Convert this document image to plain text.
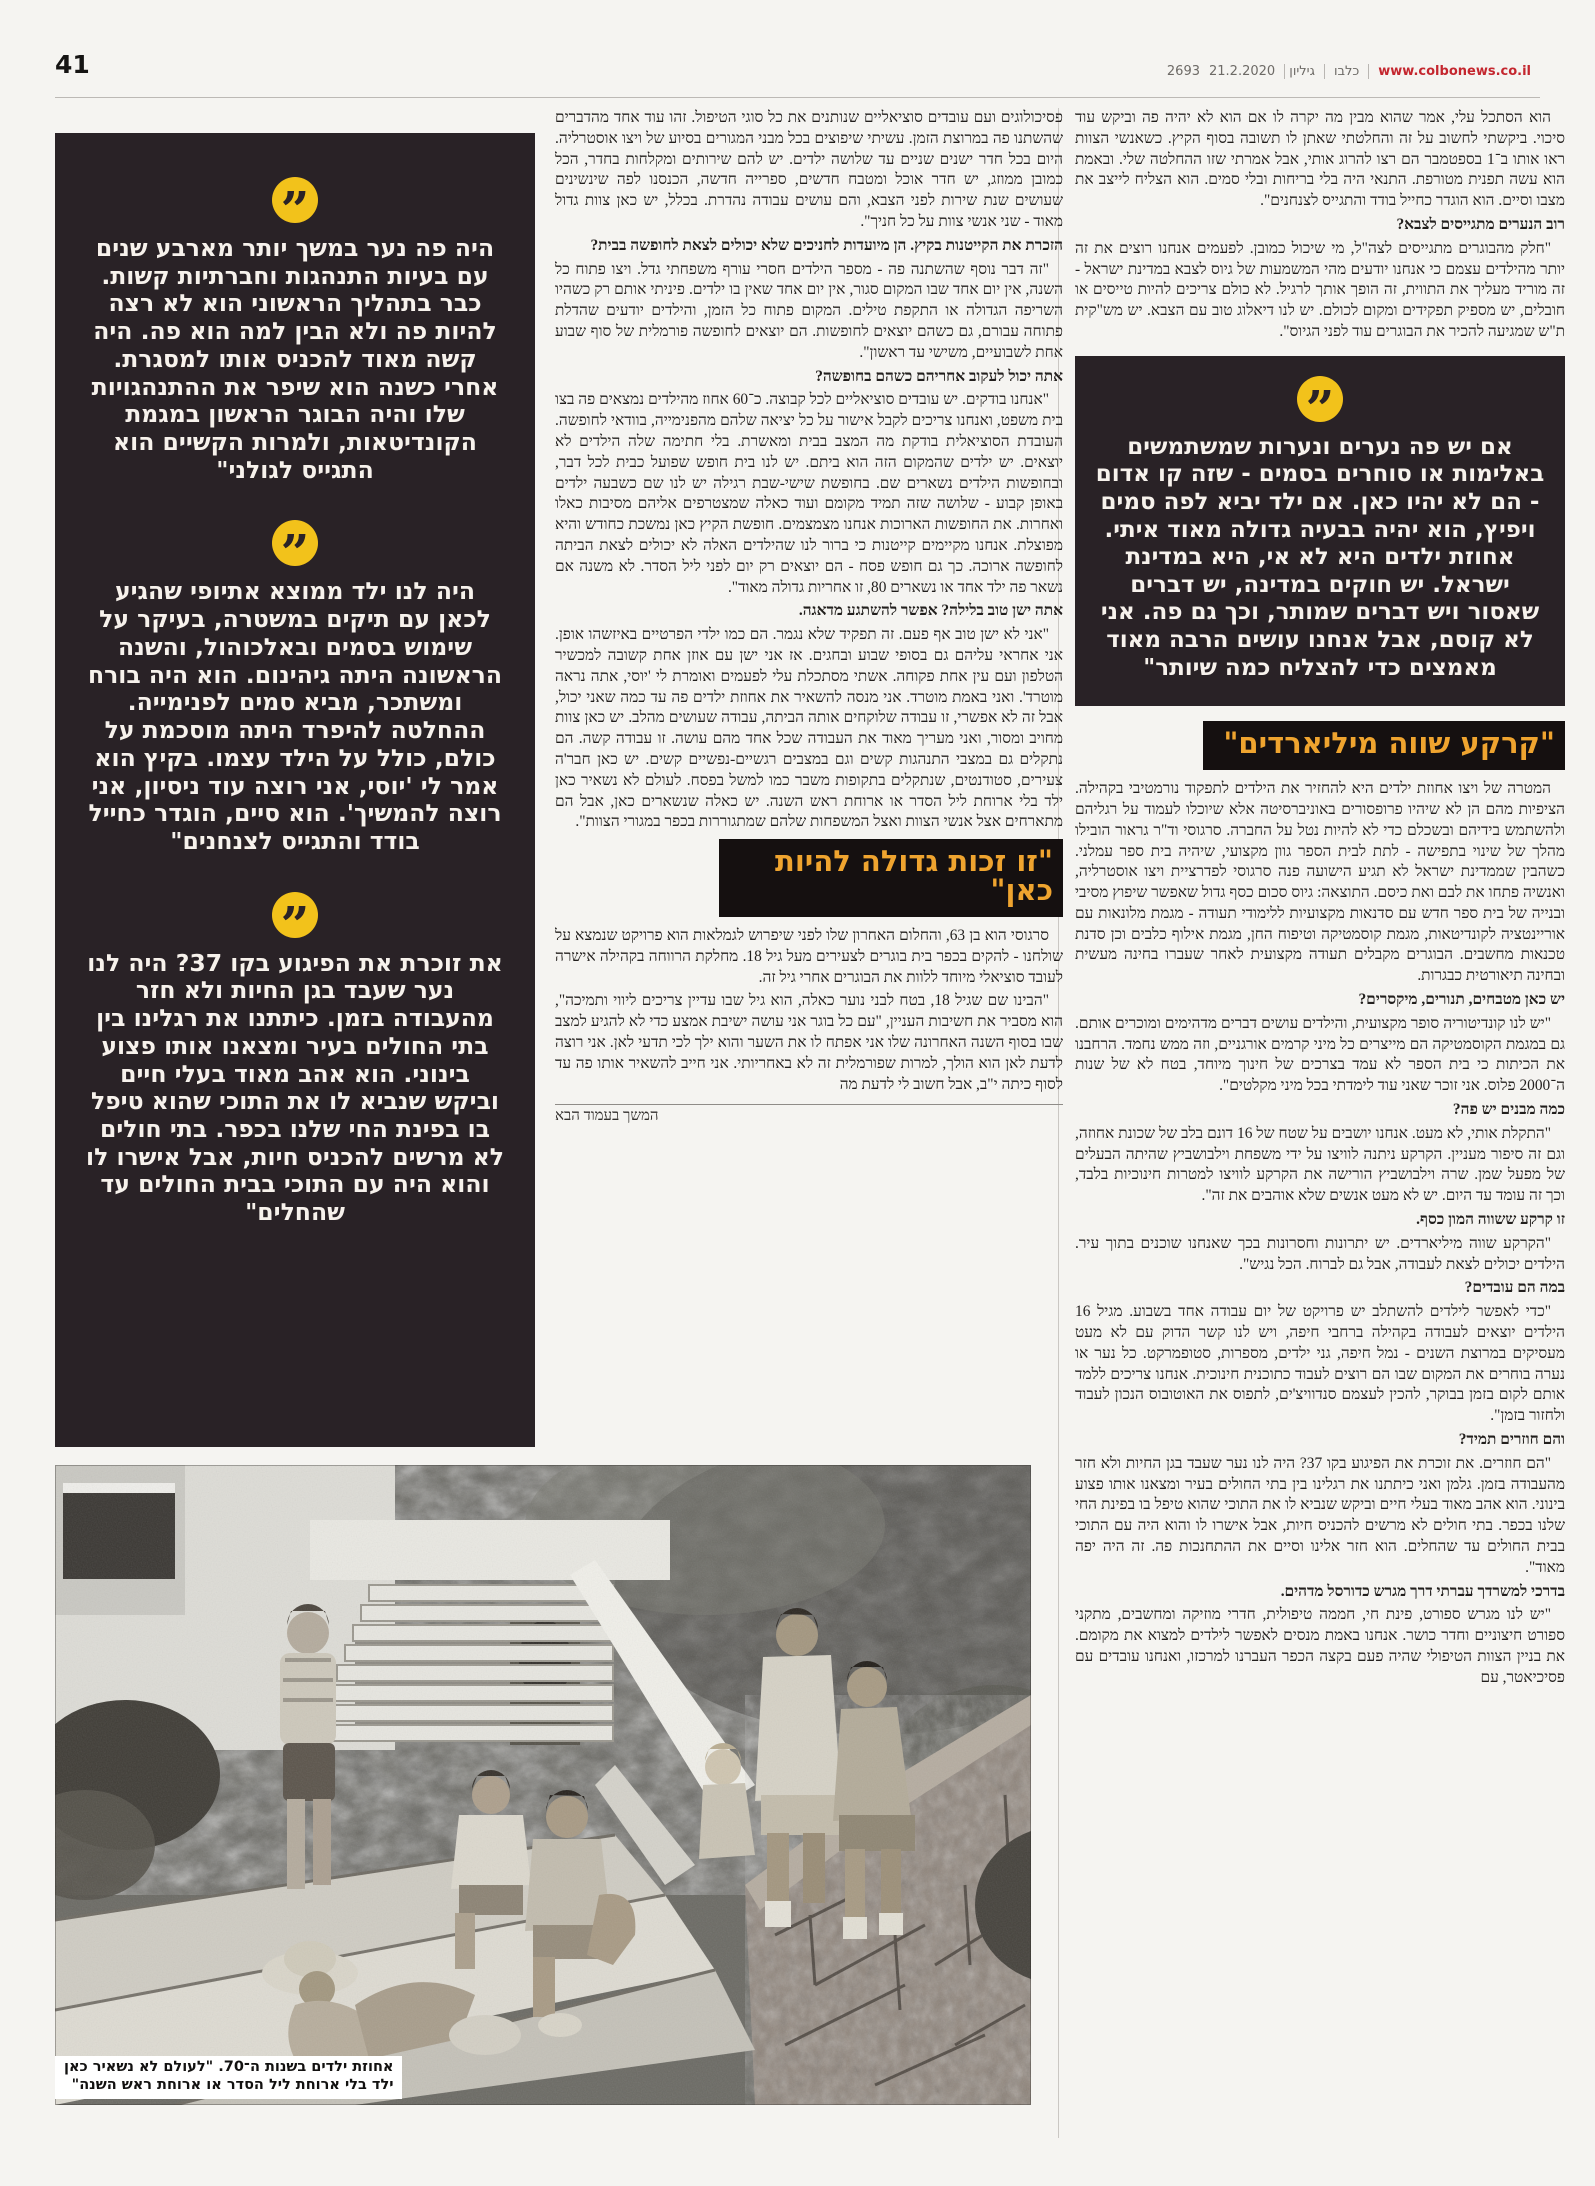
41	www.colbonews.co.ilכלבוגיליון 269321.2.2020

הוא הסתכל עלי, אמר שהוא מבין מה יקרה לו אם הוא לא יהיה פה וביקש עוד סיכוי. ביקשתי לחשוב על זה והחלטתי שאתן לו תשובה בסוף הקיץ. כשאנשי הצוות ראו אותו ב־1 בספטמבר הם רצו להרוג אותי, אבל אמרתי שזו ההחלטה שלי. ובאמת הוא עשה תפנית מטורפת. התנאי היה בלי בריחות ובלי סמים. הוא הצליח לייצב את מצבו וסיים. הוא הוגדר כחייל בודד והתגייס לצנחנים".

רוב הנערים מתגייסים לצבא?

"חלק מהבוגרים מתגייסים לצה"ל, מי שיכול כמובן. לפעמים אנחנו רוצים את זה יותר מהילדים עצמם כי אנחנו יודעים מהי המשמעות של גיוס לצבא במדינת ישראל - זה מוריד מעליך את התווית, זה הופך אותך לרגיל. לא כולם צריכים להיות טייסים או חובלים, יש מספיק תפקידים ומקום לכולם. יש לנו דיאלוג טוב עם הצבא. יש מש"קית ת"ש שמגיעה להכיר את הבוגרים עוד לפני הגיוס".

”
אם יש פה נערים ונערות שמשתמשים באלימות או סוחרים בסמים - שזה קו אדום - הם לא יהיו כאן. אם ילד יביא לפה סמים ויפיץ, הוא יהיה בבעיה גדולה מאוד איתי. אחוזת ילדים היא לא אי, היא במדינת ישראל. יש חוקים במדינה, יש דברים שאסור ויש דברים שמותר, וכך גם פה. אני לא קוסם, אבל אנחנו עושים הרבה מאוד מאמצים כדי להצליח כמה שיותר"
"קרקע שווה מיליארדים"

המטרה של ויצו אחוזת ילדים היא להחזיר את הילדים לתפקוד נורמטיבי בקהילה. הציפיות מהם הן לא שיהיו פרופסורים באוניברסיטה אלא שיוכלו לעמוד על רגליהם ולהשתמש בידיהם ובשכלם כדי לא להיות נטל על החברה. סרגוסי וד"ר גראור הובילו מהלך של שינוי בתפישה - לתת לבית הספר גוון מקצועי, שיהיה בית ספר עמלני. כשהבין שממדינת ישראל לא תגיע הישועה פנה סרגוסי לפדרציית ויצו אוסטרליה, ואנשיה פתחו את לבם ואת כיסם. התוצאה: גיוס סכום כסף גדול שאפשר שיפוץ מסיבי ובנייה של בית ספר חדש עם סדנאות מקצועיות ללימודי תעודה - מגמת מלונאות עם אוריינטציה לקונדיטאות, מגמת קוסמטיקה וטיפוח החן, מגמת אילוף כלבים וכן סדנת טכנאות מחשבים. הבוגרים מקבלים תעודה מקצועית לאחר שעברו בחינה מעשית ובחינה תיאורטית כבגרות.

יש כאן מטבחים, תנורים, מיקסרים?

"יש לנו קונדיטוריה סופר מקצועית, והילדים עושים דברים מדהימים ומוכרים אותם. גם במגמת הקוסמטיקה הם מייצרים כל מיני קרמים אורגניים, וזה ממש נחמד. הרחבנו את הכיתות כי בית הספר לא עמד בצרכים של חינוך מיוחד, בטח לא של שנות ה־2000 פלוס. אני זוכר שאני עוד לימדתי בכל מיני מקלטים".

כמה מבנים יש פה?

"התקלת אותי, לא מעט. אנחנו יושבים על שטח של 16 דונם בלב של שכונת אחוזה, וגם זה סיפור מעניין. הקרקע ניתנה לוויצו על ידי משפחת וילבושביץ שהיתה הבעלים של מפעל שמן. שרה וילבושביץ הורישה את הקרקע לוויצו למטרות חינוכיות בלבד, וכך זה עומד עד היום. יש לא מעט אנשים שלא אוהבים את זה".

זו קרקע ששווה המון כסף.

"הקרקע שווה מיליארדים. יש יתרונות וחסרונות בכך שאנחנו שוכנים בתוך עיר. הילדים יכולים לצאת לעבודה, אבל גם לברוח. הכל נגיש".

במה הם עובדים?

"כדי לאפשר לילדים להשתלב יש פרויקט של יום עבודה אחד בשבוע. מגיל 16 הילדים יוצאים לעבודה בקהילה ברחבי חיפה, ויש לנו קשר הדוק עם לא מעט מעסיקים במרוצת השנים - נמל חיפה, גני ילדים, מספרות, סטופמרקט. כל נער או נערה בוחרים את המקום שבו הם רוצים לעבוד כתוכנית חינוכית. אנחנו צריכים ללמד אותם לקום בזמן בבוקר, להכין לעצמם סנדוויצ'ים, לתפוס את האוטובוס הנכון לעבוד ולחזור בזמן".

והם חוזרים תמיד?

"הם חוזרים. את זוכרת את הפיגוע בקו 37? היה לנו נער שעבד בגן החיות ולא חזר מהעבודה בזמן. גלמן ואני כיתתנו את רגלינו בין בתי החולים בעיר ומצאנו אותו פצוע בינוני. הוא אהב מאוד בעלי חיים וביקש שנביא לו את התוכי שהוא טיפל בו בפינת החי שלנו בכפר. בתי חולים לא מרשים להכניס חיות, אבל אישרו לו והוא היה עם התוכי בבית החולים עד שהחלים. הוא חזר אלינו וסיים את ההתחנכות פה. זה היה יפה מאוד".

בדרכי למשרדך עברתי דרך מגרש כדורסל מדהים.

"יש לנו מגרש ספורט, פינת חי, חממה טיפולית, חדרי מוזיקה ומחשבים, מתקני ספורט חיצוניים וחדר כושר. אנחנו באמת מנסים לאפשר לילדים למצוא את מקומם. את בניין הצוות הטיפולי שהיה פעם בקצה הכפר העברנו למרכזו, ואנחנו עובדים עם פסיכיאטר, עם

פסיכולוגים ועם עובדים סוציאליים שנותנים את כל סוגי הטיפול. זהו עוד אחד מהדברים שהשתנו פה במרוצת הזמן. עשיתי שיפוצים בכל מבני המגורים בסיוע של ויצו אוסטרליה. היום בכל חדר ישנים שניים עד שלושה ילדים. יש להם שירותים ומקלחות בחדר, הכל כמובן ממוזג, יש חדר אוכל ומטבח חדשים, ספרייה חדשה, הכנסנו לפה שינשינים שעושים שנת שירות לפני הצבא, והם עושים עבודה נהדרת. בכלל, יש כאן צוות גדול מאוד - שני אנשי צוות על כל חניך".

הזכרת את הקייטנות בקיץ. הן מיועדות לחניכים שלא יכולים לצאת לחופשה בבית?

"זה דבר נוסף שהשתנה פה - מספר הילדים חסרי עורף משפחתי גדל. ויצו פתוח כל השנה, אין יום אחד שבו המקום סגור, אין יום אחד שאין בו ילדים. פיניתי אותם רק כשהיו השריפה הגדולה או התקפת טילים. המקום פתוח כל הזמן, והילדים יודעים שהדלת פתוחה עבורם, גם כשהם יוצאים לחופשות. הם יוצאים לחופשה פורמלית של סוף שבוע אחת לשבועיים, משישי עד ראשון".

אתה יכול לעקוב אחריהם כשהם בחופשה?

"אנחנו בודקים. יש עובדים סוציאליים לכל קבוצה. כ־60 אחוז מהילדים נמצאים פה בצו בית משפט, ואנחנו צריכים לקבל אישור על כל יציאה שלהם מהפנימייה, בוודאי לחופשה. העובדת הסוציאלית בודקת מה המצב בבית ומאשרת. בלי חתימה שלה הילדים לא יוצאים. יש ילדים שהמקום הזה הוא ביתם. יש לנו בית חופש שפועל כבית לכל דבר, ובחופשות הילדים נשארים שם. בחופשת שישי-שבת רגילה יש לנו שם כשבעה ילדים באופן קבוע - שלושה שזה תמיד מקומם ועוד כאלה שמצטרפים אליהם מסיבות כאלו ואחרות. את החופשות הארוכות אנחנו מצמצמים. חופשת הקיץ כאן נמשכת כחודש והיא מפוצלת. אנחנו מקיימים קייטנות כי ברור לנו שהילדים האלה לא יכולים לצאת הביתה לחופשה ארוכה. כך גם חופש פסח - הם יוצאים רק יום לפני ליל הסדר. לא משנה אם נשאר פה ילד אחד או נשארים 80, זו אחריות גדולה מאוד".

אתה ישן טוב בלילה? אפשר להשתגע מדאגה.

"אני לא ישן טוב אף פעם. זה תפקיד שלא נגמר. הם כמו ילדי הפרטיים באיזשהו אופן. אני אחראי עליהם גם בסופי שבוע ובחגים. אז אני ישן עם אוזן אחת קשובה למכשיר הטלפון ועם עין אחת פקוחה. אשתי מסתכלת עלי לפעמים ואומרת לי 'יוסי, אתה נראה מוטרד'. ואני באמת מוטרד. אני מנסה להשאיר את אחוזת ילדים פה עד כמה שאני יכול, אבל זה לא אפשרי, זו עבודה שלוקחים אותה הביתה, עבודה שעושים מהלב. יש כאן צוות מחויב ומסור, ואני מעריך מאוד את העבודה שכל אחד מהם עושה. זו עבודה קשה. הם נתקלים גם במצבי התנהגות קשים וגם במצבים רגשיים-נפשיים קשים. יש כאן חבר'ה צעירים, סטודנטים, שנתקלים בתקופות משבר כמו למשל בפסח. לעולם לא נשאיר כאן ילד בלי ארוחת ליל הסדר או ארוחת ראש השנה. יש כאלה שנשארים כאן, אבל הם מתארחים אצל אנשי הצוות ואצל המשפחות שלהם שמתגוררות בכפר במגורי הצוות".

"זו זכות גדולה להיות כאן"

סרגוסי הוא בן 63, והחלום האחרון שלו לפני שיפרוש לגמלאות הוא פרויקט שנמצא על שולחנו - להקים בכפר בית בוגרים לצעירים מעל גיל 18. מחלקת הרווחה בקהילה אישרה לעובד סוציאלי מיוחד ללוות את הבוגרים אחרי גיל זה.

"הבינו שם שגיל 18, בטח לבני נוער כאלה, הוא גיל שבו עדיין צריכים ליווי ותמיכה", הוא מסביר את חשיבות העניין, "עם כל בוגר אני עושה ישיבת אמצע כדי לא להגיע למצב שבו בסוף השנה האחרונה שלו אני אפתח לו את השער והוא ילך לכי תדעי לאן. אני רוצה לדעת לאן הוא הולך, למרות שפורמלית זה לא באחריותי. אני חייב להשאיר אותו פה עד לסוף כיתה י"ב, אבל חשוב לי לדעת מה

המשך בעמוד הבא
”
היה פה נער במשך יותר מארבע שנים עם בעיות התנהגות וחברתיות קשות. כבר בתהליך הראשוני הוא לא רצה להיות פה ולא הבין למה הוא פה. היה קשה מאוד להכניס אותו למסגרת. אחרי כשנה הוא שיפר את ההתנהגויות שלו והיה הבוגר הראשון במגמת הקונדיטאות, ולמרות הקשיים הוא התגייס לגולני"
”
היה לנו ילד ממוצא אתיופי שהגיע לכאן עם תיקים במשטרה, בעיקר על שימוש בסמים ובאלכוהול, והשנה הראשונה היתה גיהינום. הוא היה בורח ומשתכר, מביא סמים לפנימייה. ההחלטה להיפרד היתה מוסכמת על כולם, כולל על הילד עצמו. בקיץ הוא אמר לי 'יוסי, אני רוצה עוד ניסיון, אני רוצה להמשיך'. הוא סיים, הוגדר כחייל בודד והתגייס לצנחנים"
”
את זוכרת את הפיגוע בקו 37? היה לנו נער שעבד בגן החיות ולא חזר מהעבודה בזמן. כיתתנו את רגלינו בין בתי החולים בעיר ומצאנו אותו פצוע בינוני. הוא אהב מאוד בעלי חיים וביקש שנביא לו את התוכי שהוא טיפל בו בפינת החי שלנו בכפר. בתי חולים לא מרשים להכניס חיות, אבל אישרו לו והוא היה עם התוכי בבית החולים עד שהחלים"
אחוזת ילדים בשנות ה־70. "לעולם לא נשאיר כאן
ילד בלי ארוחת ליל הסדר או ארוחת ראש השנה"
